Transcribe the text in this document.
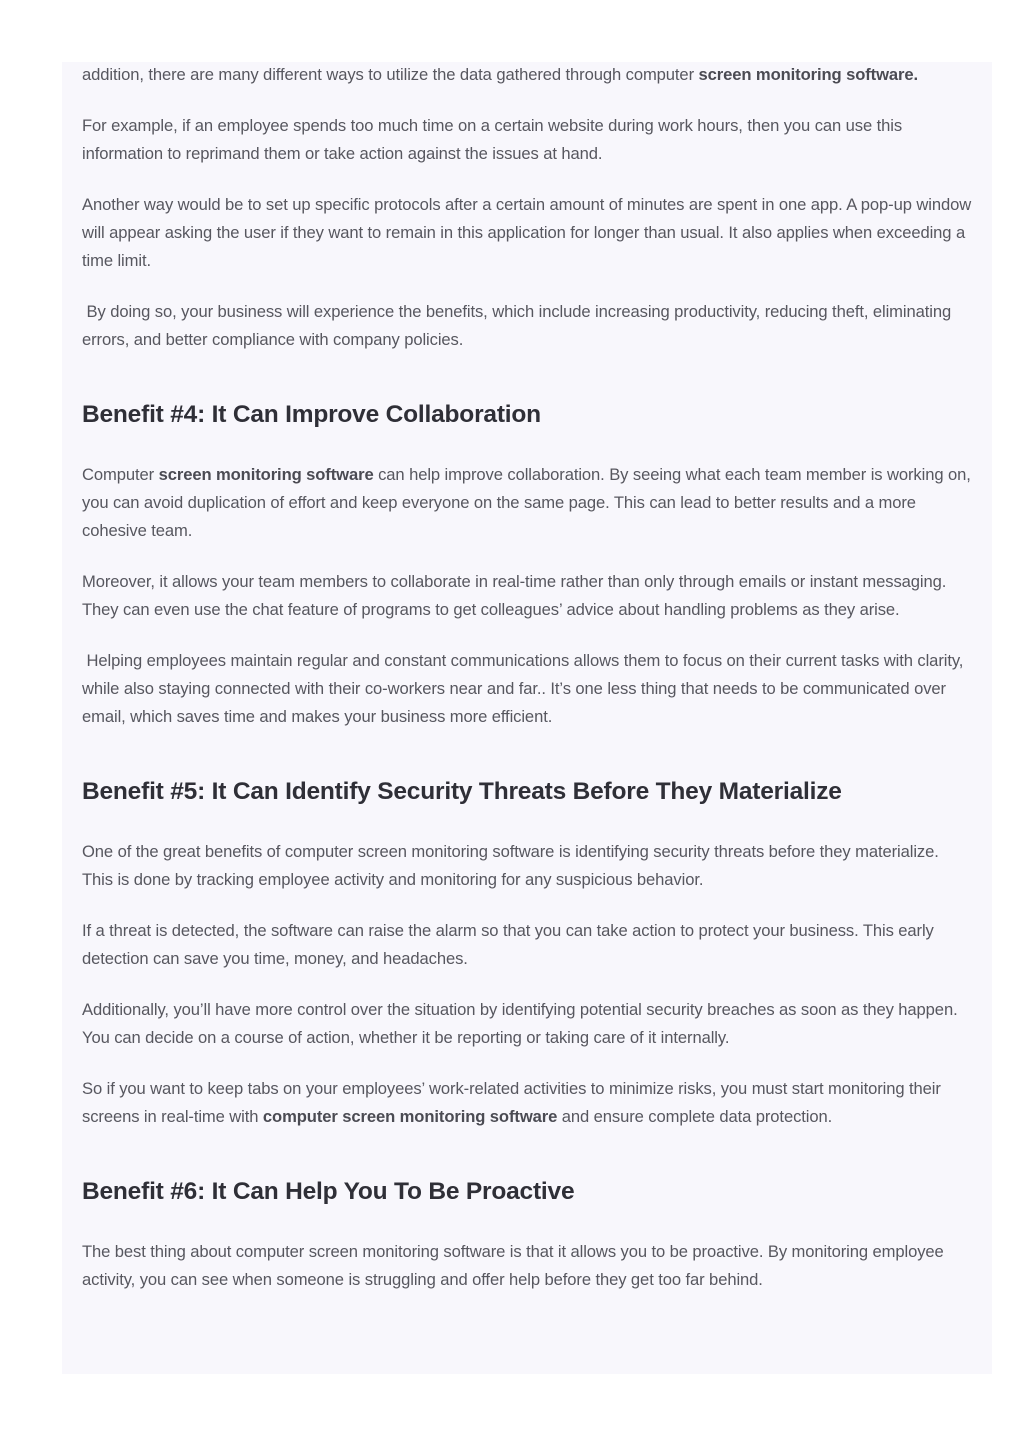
addition, there are many different ways to utilize the data gathered through computer screen monitoring software.

For example, if an employee spends too much time on a certain website during work hours, then you can use this information to reprimand them or take action against the issues at hand.

Another way would be to set up specific protocols after a certain amount of minutes are spent in one app. A pop-up window will appear asking the user if they want to remain in this application for longer than usual. It also applies when exceeding a time limit.

By doing so, your business will experience the benefits, which include increasing productivity, reducing theft, eliminating errors, and better compliance with company policies.

Benefit #4: It Can Improve Collaboration

Computer screen monitoring software can help improve collaboration. By seeing what each team member is working on, you can avoid duplication of effort and keep everyone on the same page. This can lead to better results and a more cohesive team.

Moreover, it allows your team members to collaborate in real-time rather than only through emails or instant messaging. They can even use the chat feature of programs to get colleagues’ advice about handling problems as they arise.

Helping employees maintain regular and constant communications allows them to focus on their current tasks with clarity, while also staying connected with their co-workers near and far.. It’s one less thing that needs to be communicated over email, which saves time and makes your business more efficient.

Benefit #5: It Can Identify Security Threats Before They Materialize

One of the great benefits of computer screen monitoring software is identifying security threats before they materialize. This is done by tracking employee activity and monitoring for any suspicious behavior.

If a threat is detected, the software can raise the alarm so that you can take action to protect your business. This early detection can save you time, money, and headaches.

Additionally, you’ll have more control over the situation by identifying potential security breaches as soon as they happen. You can decide on a course of action, whether it be reporting or taking care of it internally.

So if you want to keep tabs on your employees’ work-related activities to minimize risks, you must start monitoring their screens in real-time with computer screen monitoring software and ensure complete data protection.

Benefit #6: It Can Help You To Be Proactive

The best thing about computer screen monitoring software is that it allows you to be proactive. By monitoring employee activity, you can see when someone is struggling and offer help before they get too far behind.
